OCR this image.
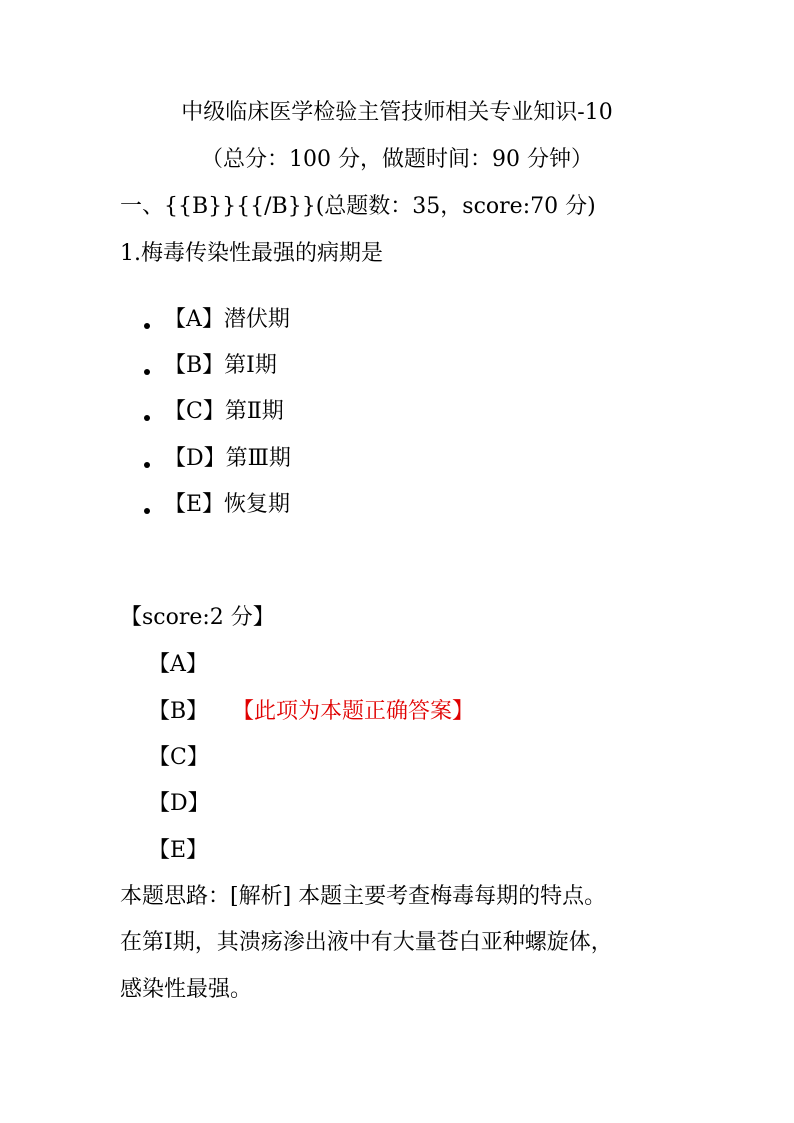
中级临床医学检验主管技师相关专业知识-10
（总分：100 分，做题时间：90 分钟）
一、{{B}}{{/B}}(总题数：35，score:70 分)
1.梅毒传染性最强的病期是
【A】潜伏期
【B】第Ⅰ期
【C】第Ⅱ期
【D】第Ⅲ期
【E】恢复期
【score:2 分】
【A】
【B】 【此项为本题正确答案】
【C】
【D】
【E】
本题思路：[解析] 本题主要考查梅毒每期的特点。
在第Ⅰ期，其溃疡渗出液中有大量苍白亚种螺旋体，
感染性最强。
